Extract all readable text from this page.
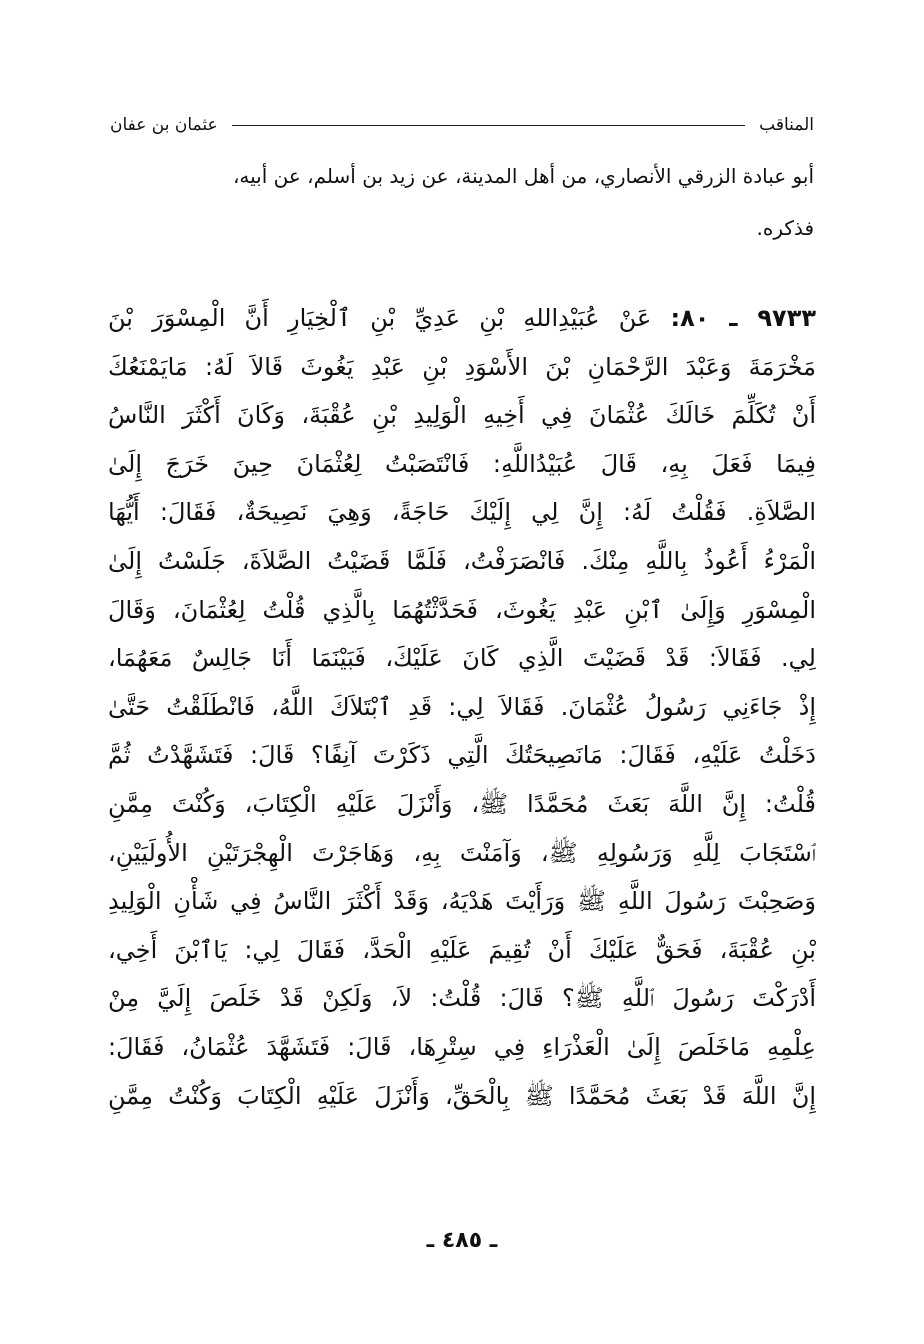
المناقب
عثمان بن عفان

أبو عبادة الزرقي الأنصاري، من أهل المدينة، عن زيد بن أسلم، عن أبيه،

فذكره.

٩٧٣٣ ـ ٨٠: عَنْ عُبَيْدِاللهِ بْنِ عَدِيِّ بْنِ ٱلْخِيَارِ أَنَّ الْمِسْوَرَ بْنَ
مَخْرَمَةَ وَعَبْدَ الرَّحْمَانِ بْنَ الأَسْوَدِ بْنِ عَبْدِ يَغُوثَ قَالاَ لَهُ: مَايَمْنَعُكَ
أَنْ تُكَلِّمَ خَالَكَ عُثْمَانَ فِي أَخِيهِ الْوَلِيدِ بْنِ عُقْبَةَ، وَكَانَ أَكْثَرَ النَّاسُ
فِيمَا فَعَلَ بِهِ، قَالَ عُبَيْدُاللَّهِ: فَانْتَصَبْتُ لِعُثْمَانَ حِينَ خَرَجَ إِلَىٰ
الصَّلاَةِ. فَقُلْتُ لَهُ: إِنَّ لِي إِلَيْكَ حَاجَةً، وَهِيَ نَصِيحَةٌ، فَقَالَ: أَيُّهَا
الْمَرْءُ أَعُوذُ بِاللَّهِ مِنْكَ. فَانْصَرَفْتُ، فَلَمَّا قَضَيْتُ الصَّلاَةَ، جَلَسْتُ إِلَىٰ
الْمِسْوَرِ وَإِلَىٰ ٱبْنِ عَبْدِ يَغُوثَ، فَحَدَّثْتُهُمَا بِالَّذِي قُلْتُ لِعُثْمَانَ، وَقَالَ
لِي. فَقَالاَ: قَدْ قَضَيْتَ الَّذِي كَانَ عَلَيْكَ، فَبَيْنَمَا أَنَا جَالِسٌ مَعَهُمَا،
إِذْ جَاءَنِي رَسُولُ عُثْمَانَ. فَقَالاَ لِي: قَدِ ٱبْتَلاَكَ اللَّهُ، فَانْطَلَقْتُ حَتَّىٰ
دَخَلْتُ عَلَيْهِ، فَقَالَ: مَانَصِيحَتُكَ الَّتِي ذَكَرْتَ آنِفًا؟ قَالَ: فَتَشَهَّدْتُ ثُمَّ
قُلْتُ: إِنَّ اللَّهَ بَعَثَ مُحَمَّدًا ﷺ، وَأَنْزَلَ عَلَيْهِ الْكِتَابَ، وَكُنْتَ مِمَّنِ
ٱسْتَجَابَ لِلَّهِ وَرَسُولِهِ ﷺ، وَآمَنْتَ بِهِ، وَهَاجَرْتَ الْهِجْرَتَيْنِ الأُولَيَيْنِ،
وَصَحِبْتَ رَسُولَ اللَّهِ ﷺ وَرَأَيْتَ هَدْيَهُ، وَقَدْ أَكْثَرَ النَّاسُ فِي شَأْنِ الْوَلِيدِ
بْنِ عُقْبَةَ، فَحَقٌّ عَلَيْكَ أَنْ تُقِيمَ عَلَيْهِ الْحَدَّ، فَقَالَ لِي: يَاٱبْنَ أَخِي،
أَدْرَكْتَ رَسُولَ ٱللَّهِ ﷺ؟ قَالَ: قُلْتُ: لاَ، وَلَكِنْ قَدْ خَلَصَ إِلَيَّ مِنْ
عِلْمِهِ مَاخَلَصَ إِلَىٰ الْعَذْرَاءِ فِي سِتْرِهَا، قَالَ: فَتَشَهَّدَ عُثْمَانُ، فَقَالَ:
إِنَّ اللَّهَ قَدْ بَعَثَ مُحَمَّدًا ﷺ بِالْحَقِّ، وَأَنْزَلَ عَلَيْهِ الْكِتَابَ وَكُنْتُ مِمَّنِ
ـ ٤٨٥ ـ
